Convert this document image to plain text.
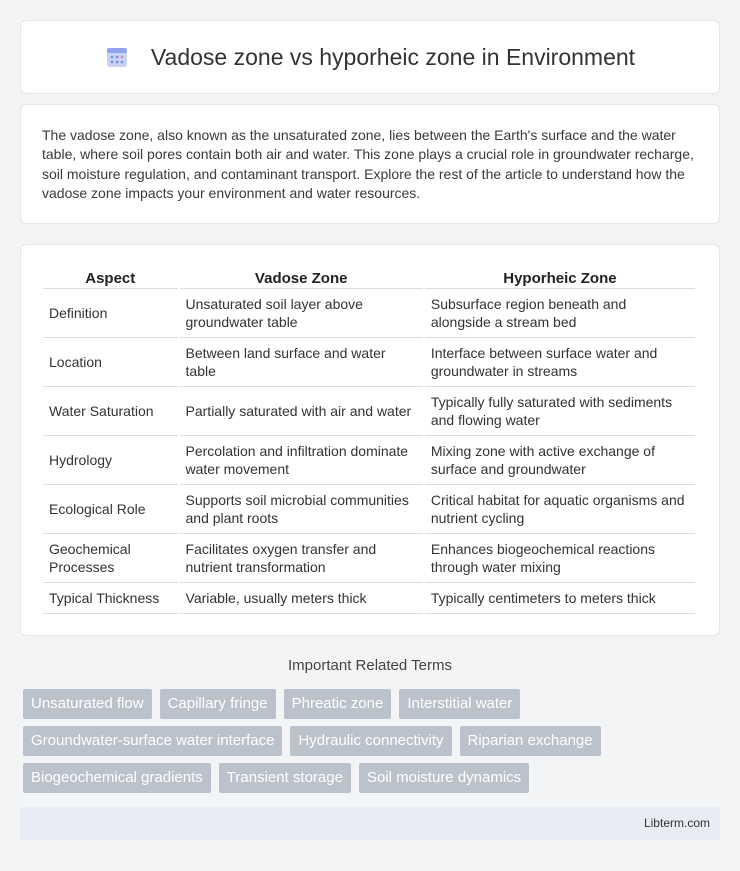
Vadose zone vs hyporheic zone in Environment

The vadose zone, also known as the unsaturated zone, lies between the Earth's surface and the water table, where soil pores contain both air and water. This zone plays a crucial role in groundwater recharge, soil moisture regulation, and contaminant transport. Explore the rest of the article to understand how the vadose zone impacts your environment and water resources.

Aspect	Vadose Zone	Hyporheic Zone
Definition	Unsaturated soil layer above groundwater table	Subsurface region beneath and alongside a stream bed
Location	Between land surface and water table	Interface between surface water and groundwater in streams
Water Saturation	Partially saturated with air and water	Typically fully saturated with sediments and flowing water
Hydrology	Percolation and infiltration dominate water movement	Mixing zone with active exchange of surface and groundwater
Ecological Role	Supports soil microbial communities and plant roots	Critical habitat for aquatic organisms and nutrient cycling
Geochemical Processes	Facilitates oxygen transfer and nutrient transformation	Enhances biogeochemical reactions through water mixing
Typical Thickness	Variable, usually meters thick	Typically centimeters to meters thick
Important Related Terms
Unsaturated flow	Capillary fringe	Phreatic zone	Interstitial water
Groundwater-surface water interface	Hydraulic connectivity	Riparian exchange
Biogeochemical gradients	Transient storage	Soil moisture dynamics
Libterm.com
